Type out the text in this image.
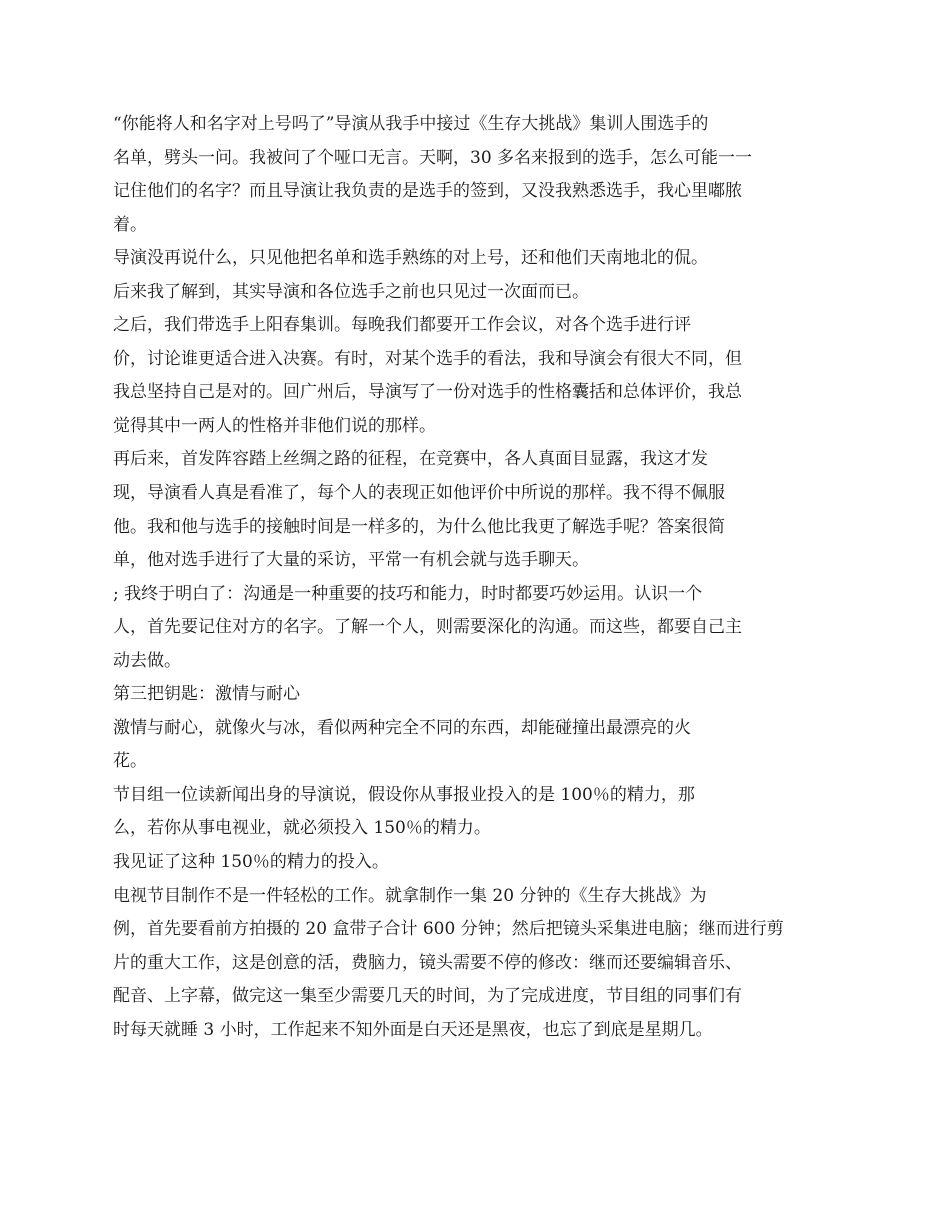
“你能将人和名字对上号吗了”导演从我手中接过《生存大挑战》集训人围选手的
名单，劈头一问。我被问了个哑口无言。天啊，30 多名来报到的选手，怎么可能一一
记住他们的名字？而且导演让我负责的是选手的签到，又没我熟悉选手，我心里嘟脓
着。
导演没再说什么，只见他把名单和选手熟练的对上号，还和他们天南地北的侃。
后来我了解到，其实导演和各位选手之前也只见过一次面而已。
之后，我们带选手上阳春集训。每晚我们都要开工作会议，对各个选手进行评
价，讨论谁更适合进入决赛。有时，对某个选手的看法，我和导演会有很大不同，但
我总坚持自己是对的。回广州后，导演写了一份对选手的性格囊括和总体评价，我总
觉得其中一两人的性格并非他们说的那样。
再后来，首发阵容踏上丝绸之路的征程，在竞赛中，各人真面目显露，我这才发
现，导演看人真是看准了，每个人的表现正如他评价中所说的那样。我不得不佩服
他。我和他与选手的接触时间是一样多的，为什么他比我更了解选手呢？答案很简
单，他对选手进行了大量的采访，平常一有机会就与选手聊天。
; 我终于明白了：沟通是一种重要的技巧和能力，时时都要巧妙运用。认识一个
人，首先要记住对方的名字。了解一个人，则需要深化的沟通。而这些，都要自己主
动去做。
第三把钥匙：激情与耐心
激情与耐心，就像火与冰，看似两种完全不同的东西，却能碰撞出最漂亮的火
花。
节目组一位读新闻出身的导演说，假设你从事报业投入的是 100％的精力，那
么，若你从事电视业，就必须投入 150％的精力。
我见证了这种 150％的精力的投入。
电视节目制作不是一件轻松的工作。就拿制作一集 20 分钟的《生存大挑战》为
例，首先要看前方拍摄的 20 盒带子合计 600 分钟；然后把镜头采集进电脑；继而进行剪
片的重大工作，这是创意的活，费脑力，镜头需要不停的修改：继而还要编辑音乐、
配音、上字幕，做完这一集至少需要几天的时间，为了完成进度，节目组的同事们有
时每天就睡 3 小时，工作起来不知外面是白天还是黑夜，也忘了到底是星期几。
